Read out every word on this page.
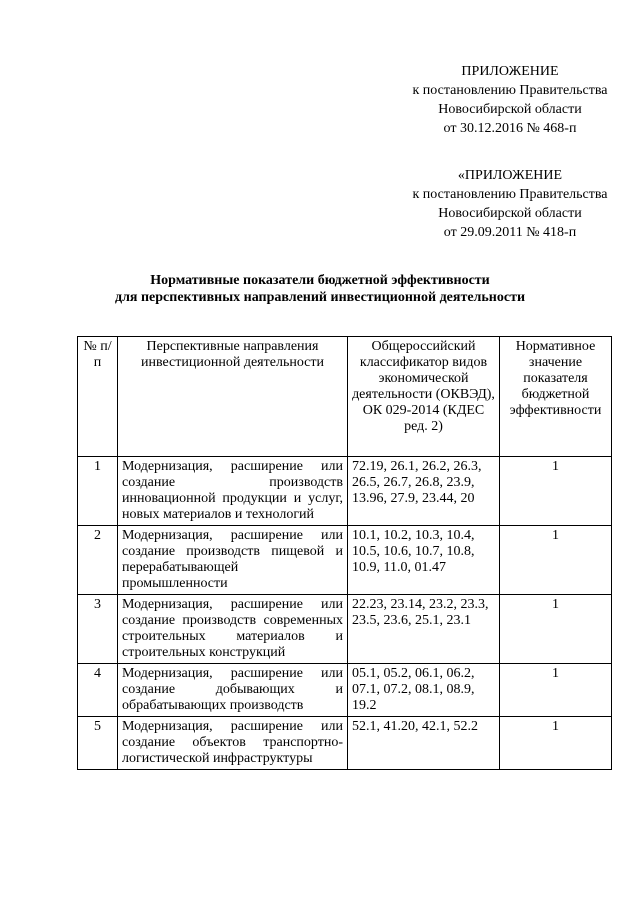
ПРИЛОЖЕНИЕ
к постановлению Правительства
Новосибирской области
от 30.12.2016 № 468-п
«ПРИЛОЖЕНИЕ
к постановлению Правительства
Новосибирской области
от 29.09.2011 № 418-п
Нормативные показатели бюджетной эффективности
для перспективных направлений инвестиционной деятельности
№ п/п	Перспективные направления инвестиционной деятельности	Общероссийский классификатор видов экономической деятельности (ОКВЭД), ОК 029-2014 (КДЕС ред. 2)	Нормативное значение показателя бюджетной эффективности
1	Модернизация, расширение или создание производств инновационной продукции и услуг, новых материалов и технологий	72.19, 26.1, 26.2, 26.3, 26.5, 26.7, 26.8, 23.9, 13.96, 27.9, 23.44, 20	1
2	Модернизация, расширение или создание производств пищевой и перерабатывающей промышленности	10.1, 10.2, 10.3, 10.4, 10.5, 10.6, 10.7, 10.8, 10.9, 11.0, 01.47	1
3	Модернизация, расширение или создание производств современных строительных материалов и строительных конструкций	22.23, 23.14, 23.2, 23.3, 23.5, 23.6, 25.1, 23.1	1
4	Модернизация, расширение или создание добывающих и обрабатывающих производств	05.1, 05.2, 06.1, 06.2, 07.1, 07.2, 08.1, 08.9, 19.2	1
5	Модернизация, расширение или создание объектов транспортно-логистической инфраструктуры	52.1, 41.20, 42.1, 52.2	1
